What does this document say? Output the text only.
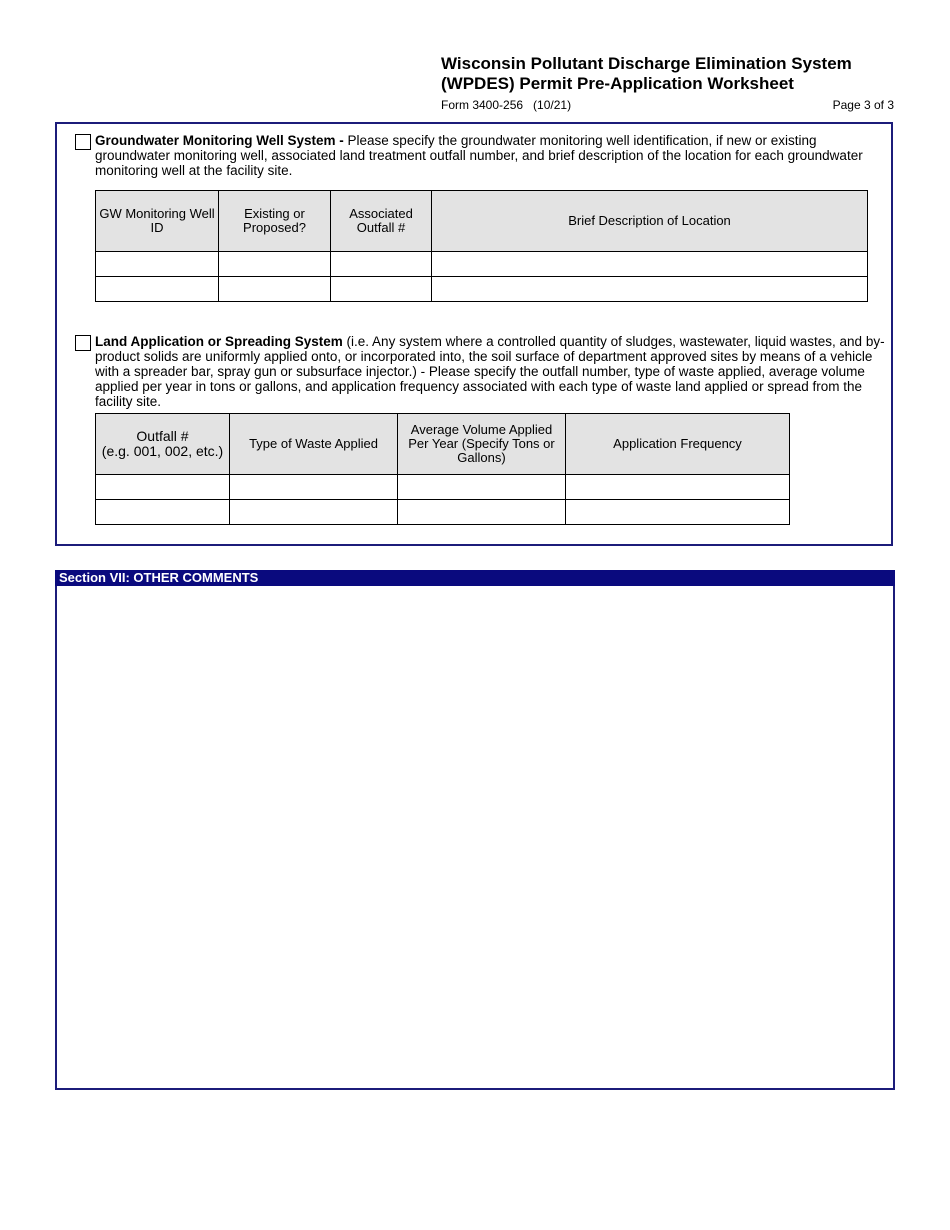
Wisconsin Pollutant Discharge Elimination System
(WPDES) Permit Pre-Application Worksheet
Form 3400-256   (10/21)	Page 3 of 3
Groundwater Monitoring Well System - Please specify the groundwater monitoring well identification, if new or existing groundwater monitoring well, associated land treatment outfall number, and brief description of the location for each groundwater monitoring well at the facility site.
GW Monitoring Well ID	Existing or Proposed?	Associated Outfall #	Brief Description of Location

Land Application or Spreading System (i.e. Any system where a controlled quantity of sludges, wastewater, liquid wastes, and by-product solids are uniformly applied onto, or incorporated into, the soil surface of department approved sites by means of a vehicle with a spreader bar, spray gun or subsurface injector.) - Please specify the outfall number, type of waste applied, average volume applied per year in tons or gallons, and application frequency associated with each type of waste land applied or spread from the facility site.
Outfall #
(e.g. 001, 002, etc.)	Type of Waste Applied	Average Volume Applied Per Year (Specify Tons or Gallons)	Application Frequency

Section VII: OTHER COMMENTS
